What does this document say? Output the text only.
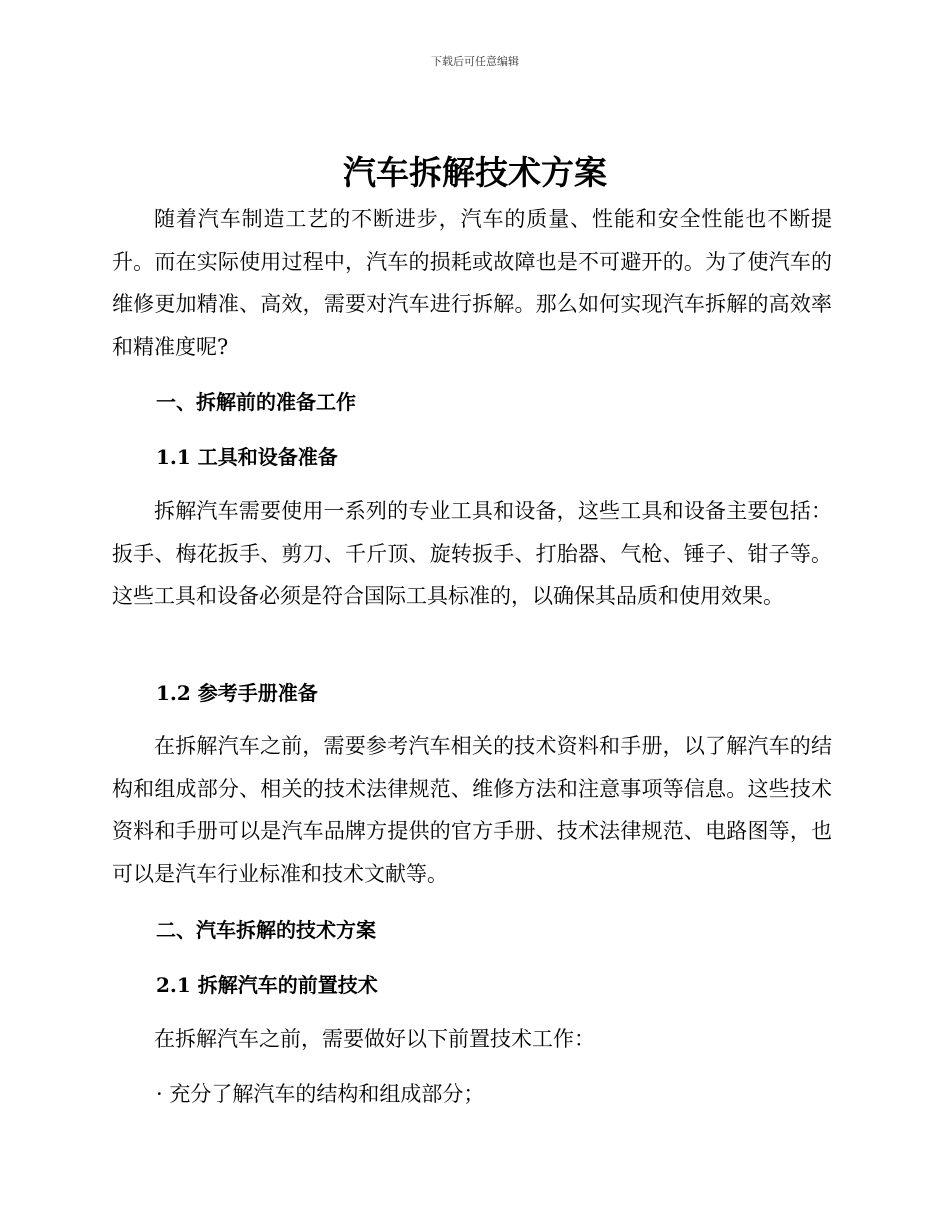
下载后可任意编辑
汽车拆解技术方案

随着汽车制造工艺的不断进步，汽车的质量、性能和安全性能也不断提升。而在实际使用过程中，汽车的损耗或故障也是不可避开的。为了使汽车的维修更加精准、高效，需要对汽车进行拆解。那么如何实现汽车拆解的高效率和精准度呢?

一、拆解前的准备工作
1.1 工具和设备准备

拆解汽车需要使用一系列的专业工具和设备，这些工具和设备主要包括：扳手、梅花扳手、剪刀、千斤顶、旋转扳手、打胎器、气枪、锤子、钳子等。这些工具和设备必须是符合国际工具标准的，以确保其品质和使用效果。

1.2 参考手册准备

在拆解汽车之前，需要参考汽车相关的技术资料和手册，以了解汽车的结构和组成部分、相关的技术法律规范、维修方法和注意事项等信息。这些技术资料和手册可以是汽车品牌方提供的官方手册、技术法律规范、电路图等，也可以是汽车行业标准和技术文献等。

二、汽车拆解的技术方案
2.1 拆解汽车的前置技术

在拆解汽车之前，需要做好以下前置技术工作：

· 充分了解汽车的结构和组成部分；
